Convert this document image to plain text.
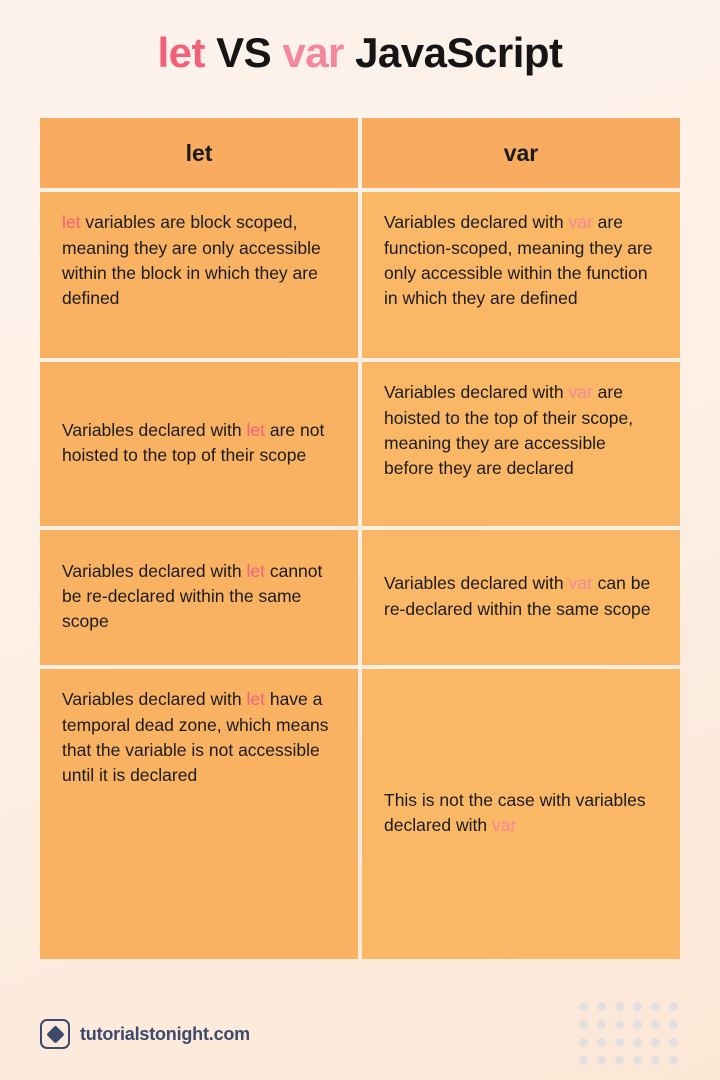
let VS var JavaScript
let	var
let variables are block scoped, meaning they are only accessible within the block in which they are defined
Variables declared with var are function-scoped, meaning they are only accessible within the function in which they are defined
Variables declared with let are not hoisted to the top of their scope
Variables declared with var are hoisted to the top of their scope, meaning they are accessible before they are declared
Variables declared with let cannot be re-declared within the same scope
Variables declared with var can be re-declared within the same scope
Variables declared with let have a temporal dead zone, which means that the variable is not accessible until it is declared
This is not the case with variables declared with var
tutorialstonight.com
